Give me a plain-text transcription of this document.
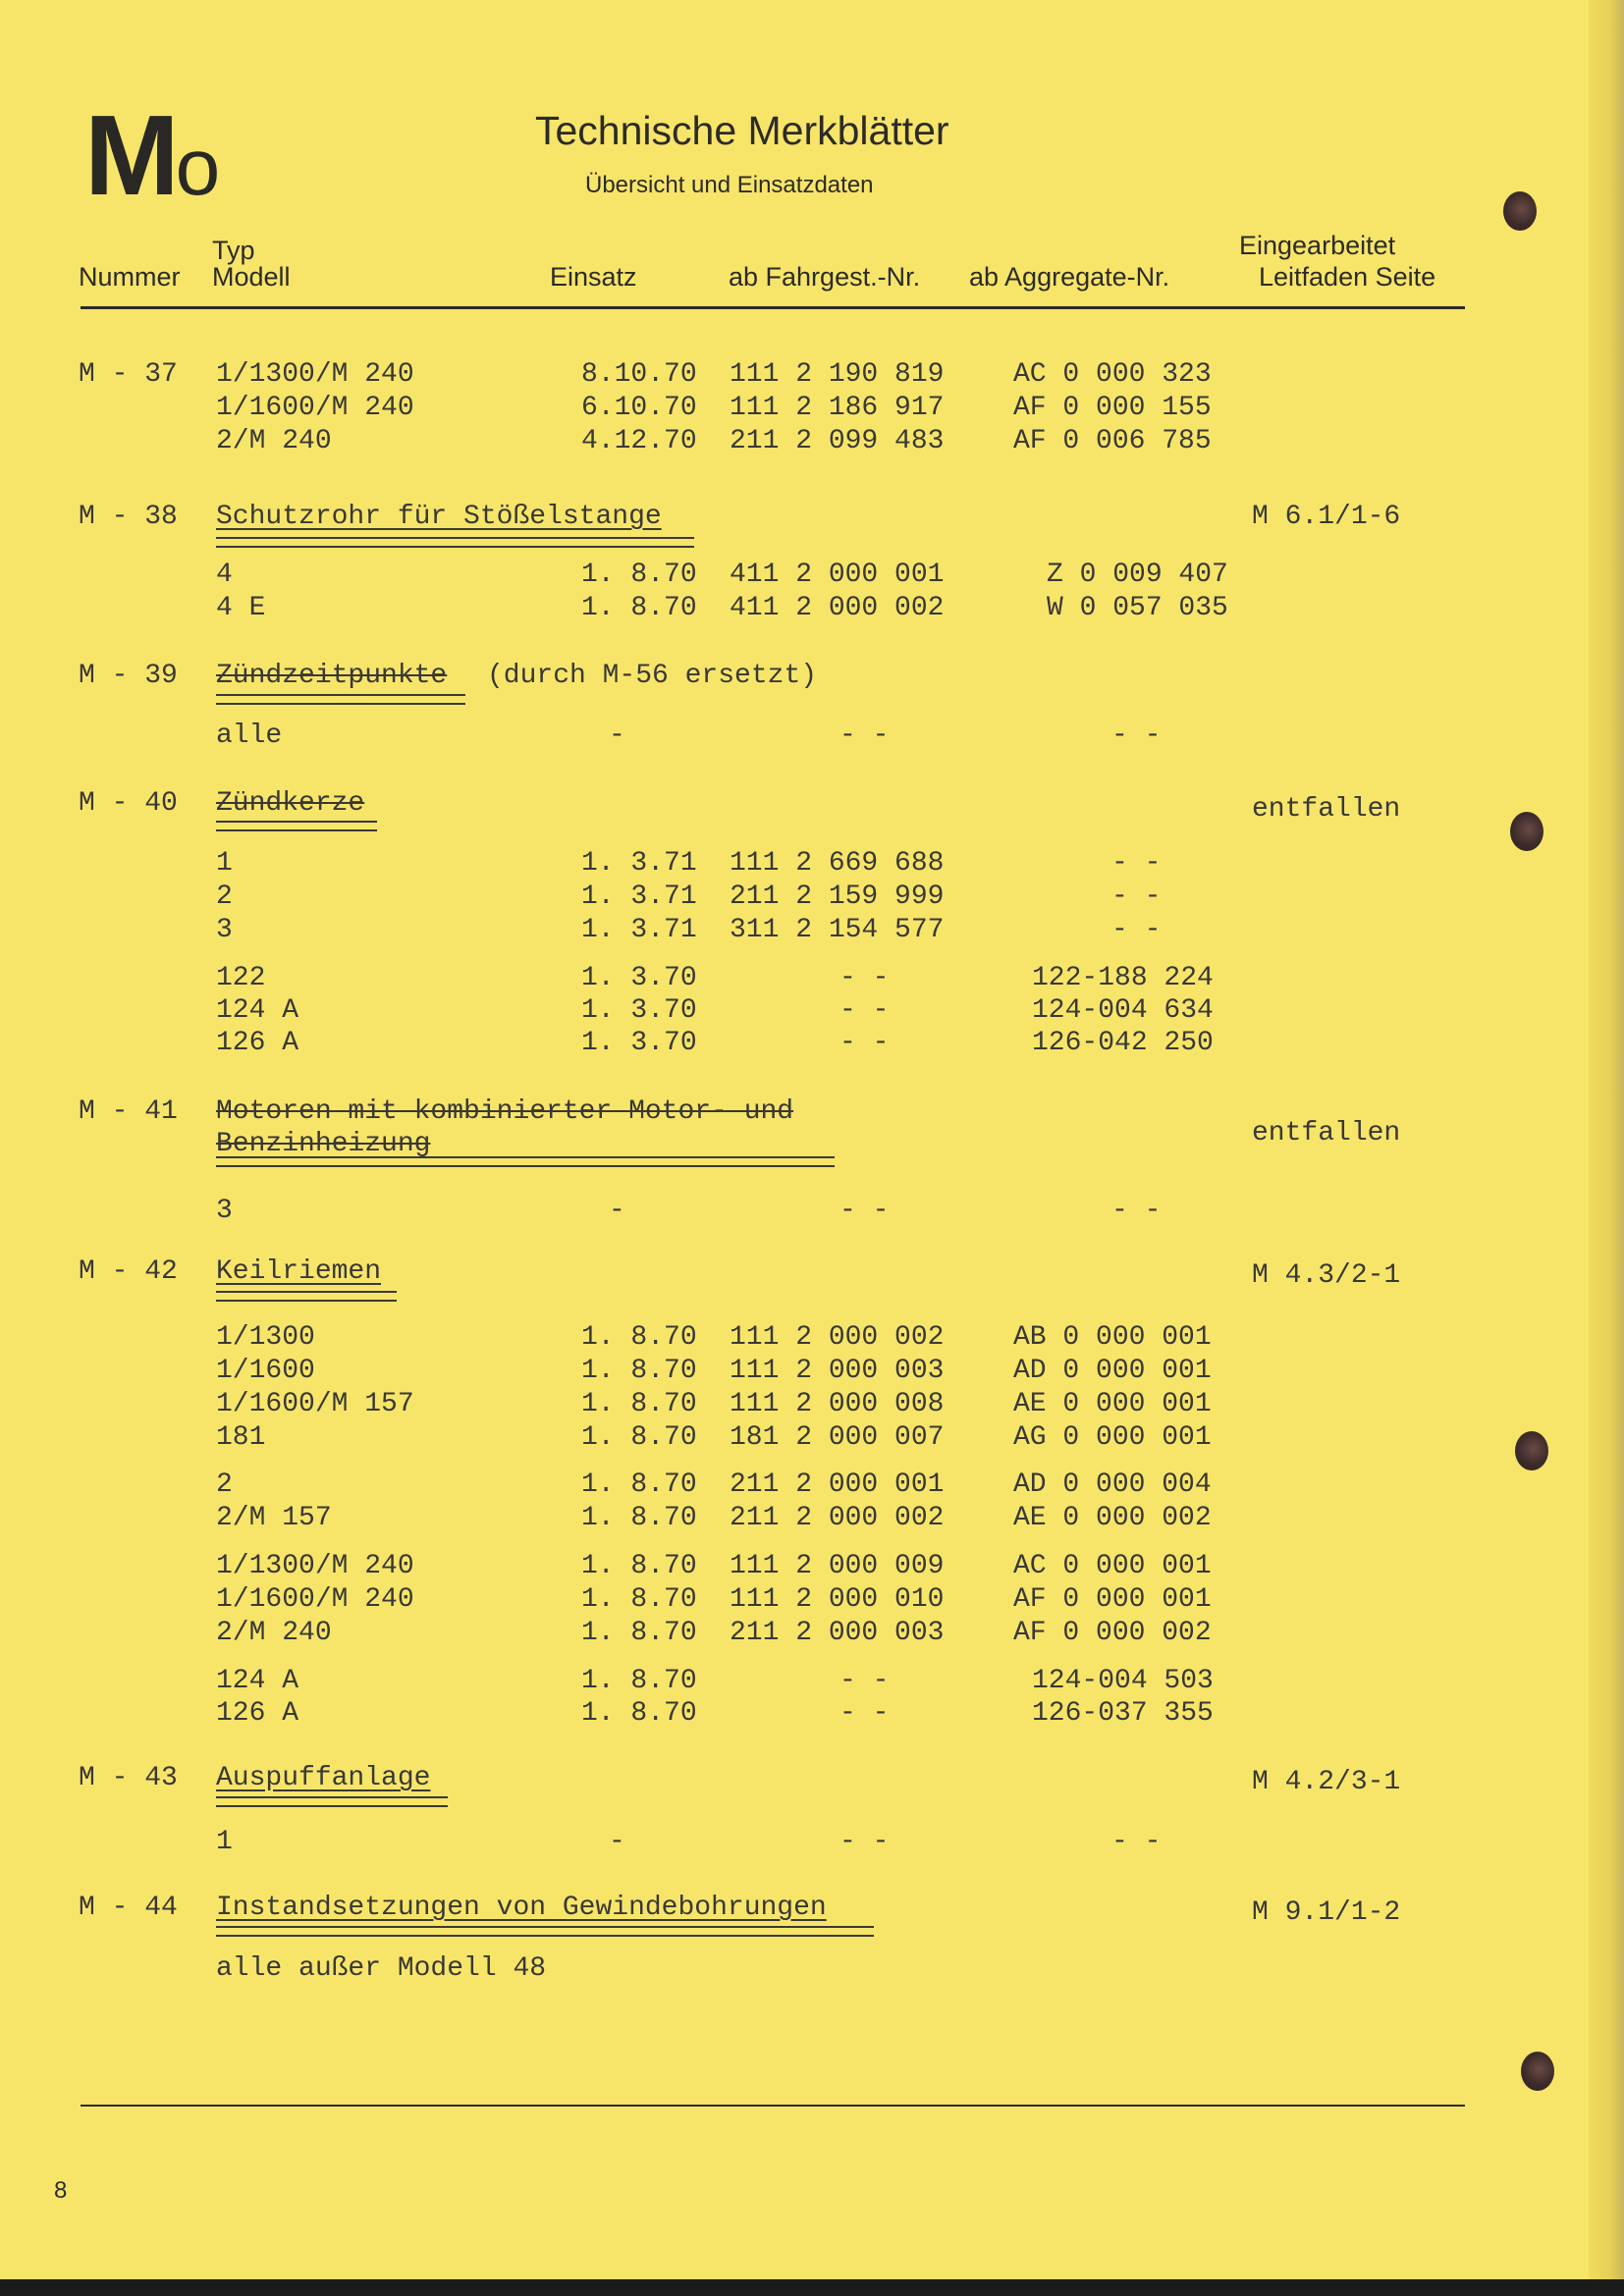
Mo	Technische Merkblätter
Übersicht und Einsatzdaten
Typ	Eingearbeitet
Nummer Modell	Einsatz	ab Fahrgest.-Nr. ab Aggregate-Nr.	Leitfaden Seite
M - 37 1/1300/M 240	8.10.70 111 2 190 819	AC 0 000 323
1/1600/M 240	6.10.70 111 2 186 917	AF 0 000 155
2/M 240	4.12.70 211 2 099 483	AF 0 006 785
M - 38 Schutzrohr für Stößelstange	M 6.1/1-6
4	1. 8.70 411 2 000 001	Z 0 009 407
4 E	1. 8.70 411 2 000 002	W 0 057 035
M - 39 Zündzeitpunkte (durch M-56 ersetzt)
alle	-	- -	- -
M - 40 Zündkerze	entfallen
1	1. 3.71 111 2 669 688	- -
2	1. 3.71 211 2 159 999	- -
3	1. 3.71 311 2 154 577	- -
122	1. 3.70	- -	122-188 224
124 A	1. 3.70	- -	124-004 634
126 A	1. 3.70	- -	126-042 250
M - 41 Motoren mit kombinierter Motor- und
Benzinheizung	entfallen
3	-	- -	- -
M - 42 Keilriemen	M 4.3/2-1
1/1300	1. 8.70 111 2 000 002	AB 0 000 001
1/1600	1. 8.70 111 2 000 003	AD 0 000 001
1/1600/M 157	1. 8.70 111 2 000 008	AE 0 000 001
181	1. 8.70 181 2 000 007	AG 0 000 001
2	1. 8.70 211 2 000 001	AD 0 000 004
2/M 157	1. 8.70 211 2 000 002	AE 0 000 002
1/1300/M 240	1. 8.70 111 2 000 009	AC 0 000 001
1/1600/M 240	1. 8.70 111 2 000 010	AF 0 000 001
2/M 240	1. 8.70 211 2 000 003	AF 0 000 002
124 A	1. 8.70	- -	124-004 503
126 A	1. 8.70	- -	126-037 355
M - 43 Auspuffanlage	M 4.2/3-1
1	-	- -	- -
M - 44 Instandsetzungen von Gewindebohrungen	M 9.1/1-2
alle außer Modell 48
8
